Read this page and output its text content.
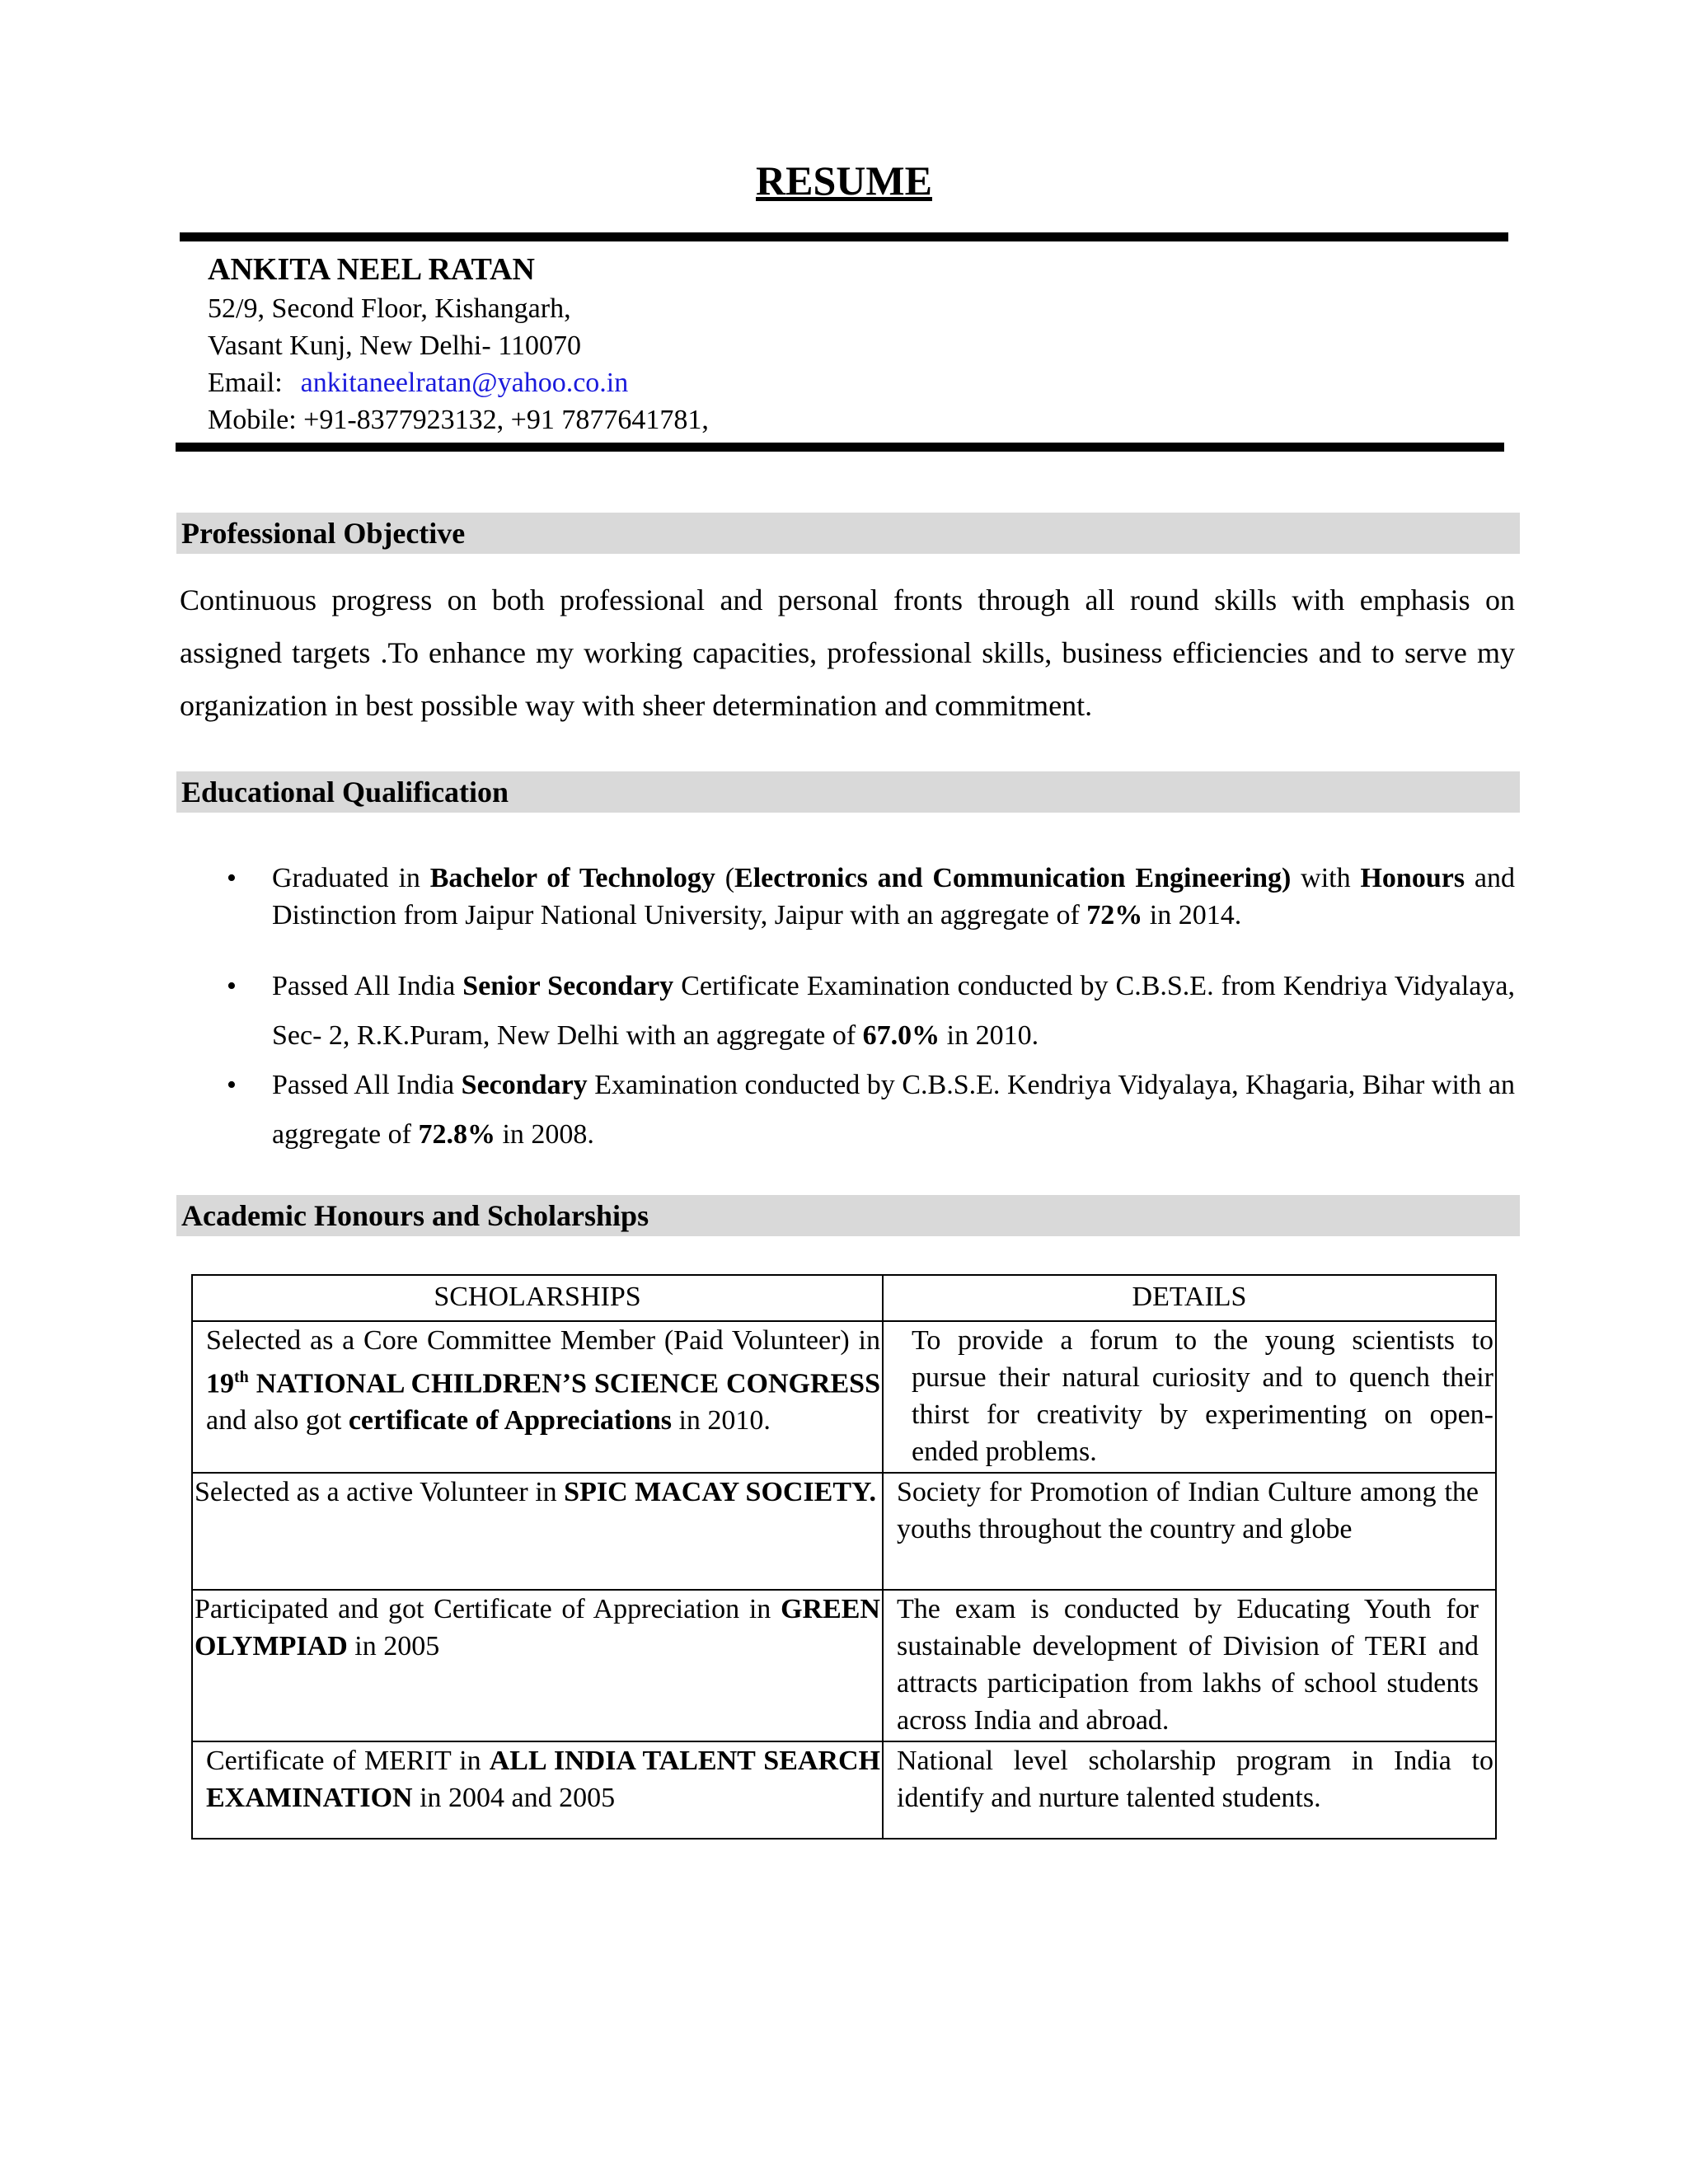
RESUME
ANKITA NEEL RATAN
52/9, Second Floor, Kishangarh,
Vasant Kunj, New Delhi- 110070
Email: ankitaneelratan@yahoo.co.in
Mobile: +91-8377923132, +91 7877641781,
Professional Objective

Continuous progress on both professional and personal fronts through all round skills with emphasis on assigned targets .To enhance my working capacities, professional skills, business efficiencies and to serve my organization in best possible way with sheer determination and commitment.

Educational Qualification
• Graduated in Bachelor of Technology (Electronics and Communication Engineering) with Honours and Distinction from Jaipur National University, Jaipur with an aggregate of 72% in 2014.
• Passed All India Senior Secondary Certificate Examination conducted by C.B.S.E. from Kendriya Vidyalaya, Sec- 2, R.K.Puram, New Delhi with an aggregate of 67.0% in 2010.
• Passed All India Secondary Examination conducted by C.B.S.E. Kendriya Vidyalaya, Khagaria, Bihar with an aggregate of 72.8% in 2008.
Academic Honours and Scholarships
SCHOLARSHIPS	DETAILS
Selected as a Core Committee Member (Paid Volunteer) in 19th NATIONAL CHILDREN’S SCIENCE CONGRESS and also got certificate of Appreciations in 2010.	To provide a forum to the young scientists to pursue their natural curiosity and to quench their thirst for creativity by experimenting on open-ended problems.
Selected as a active Volunteer in SPIC MACAY SOCIETY.	Society for Promotion of Indian Culture among the youths throughout the country and globe
Participated and got Certificate of Appreciation in GREEN OLYMPIAD in 2005	The exam is conducted by Educating Youth for sustainable development of Division of TERI and attracts participation from lakhs of school students across India and abroad.
Certificate of MERIT in ALL INDIA TALENT SEARCH EXAMINATION in 2004 and 2005	National level scholarship program in India to identify and nurture talented students.
